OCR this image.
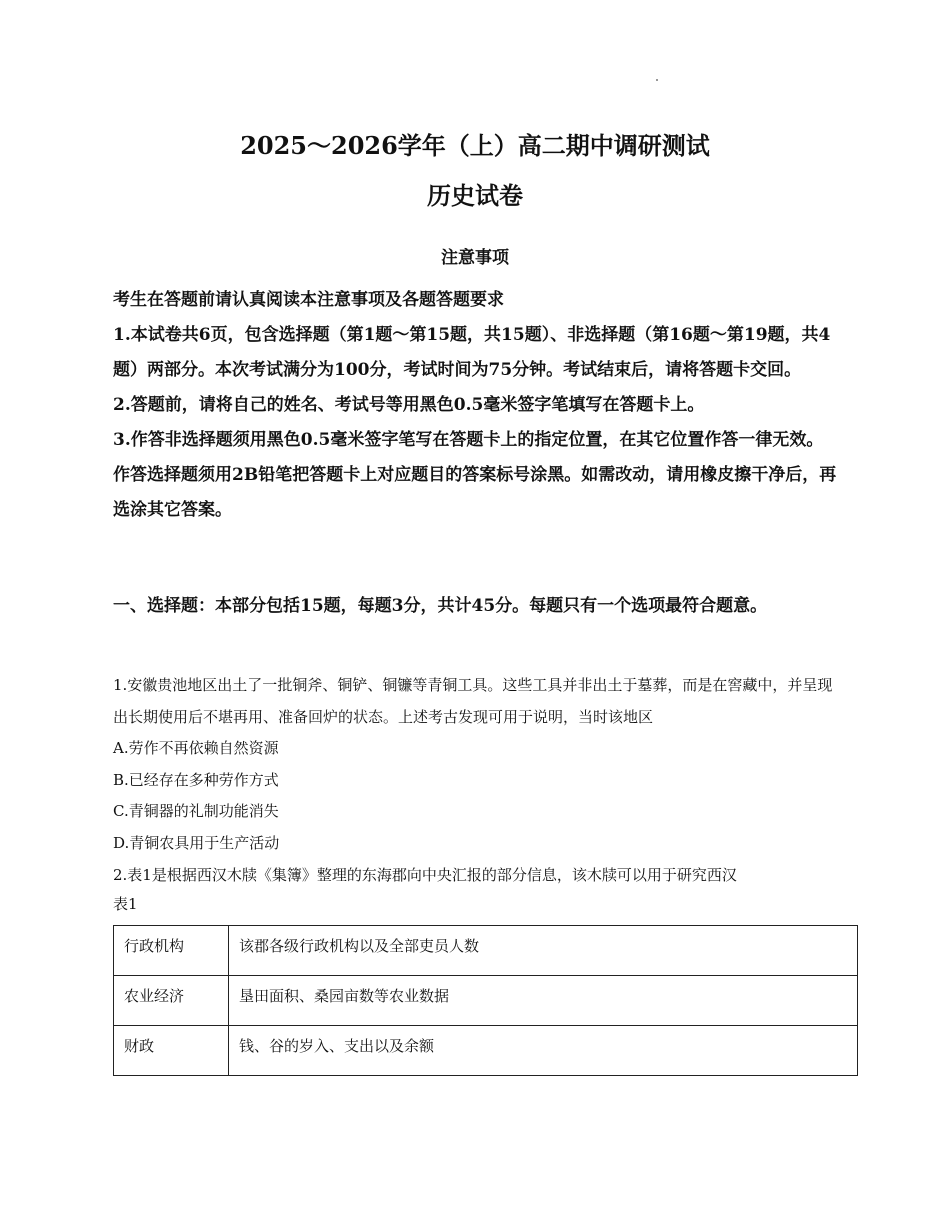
2025～2026学年（上）高二期中调研测试
历史试卷
注意事项

考生在答题前请认真阅读本注意事项及各题答题要求

1.本试卷共6页，包含选择题（第1题～第15题，共15题）、非选择题（第16题～第19题，共4题）两部分。本次考试满分为100分，考试时间为75分钟。考试结束后，请将答题卡交回。

2.答题前，请将自己的姓名、考试号等用黑色0.5毫米签字笔填写在答题卡上。

3.作答非选择题须用黑色0.5毫米签字笔写在答题卡上的指定位置，在其它位置作答一律无效。作答选择题须用2B铅笔把答题卡上对应题目的答案标号涂黑。如需改动，请用橡皮擦干净后，再选涂其它答案。

一、选择题：本部分包括15题，每题3分，共计45分。每题只有一个选项最符合题意。

1.安徽贵池地区出土了一批铜斧、铜铲、铜镰等青铜工具。这些工具并非出土于墓葬，而是在窖藏中，并呈现出长期使用后不堪再用、准备回炉的状态。上述考古发现可用于说明，当时该地区

A.劳作不再依赖自然资源

B.已经存在多种劳作方式

C.青铜器的礼制功能消失

D.青铜农具用于生产活动

2.表1是根据西汉木牍《集簿》整理的东海郡向中央汇报的部分信息，该木牍可以用于研究西汉

表1
行政机构	该郡各级行政机构以及全部吏员人数
农业经济	垦田面积、桑园亩数等农业数据
财政	钱、谷的岁入、支出以及余额
